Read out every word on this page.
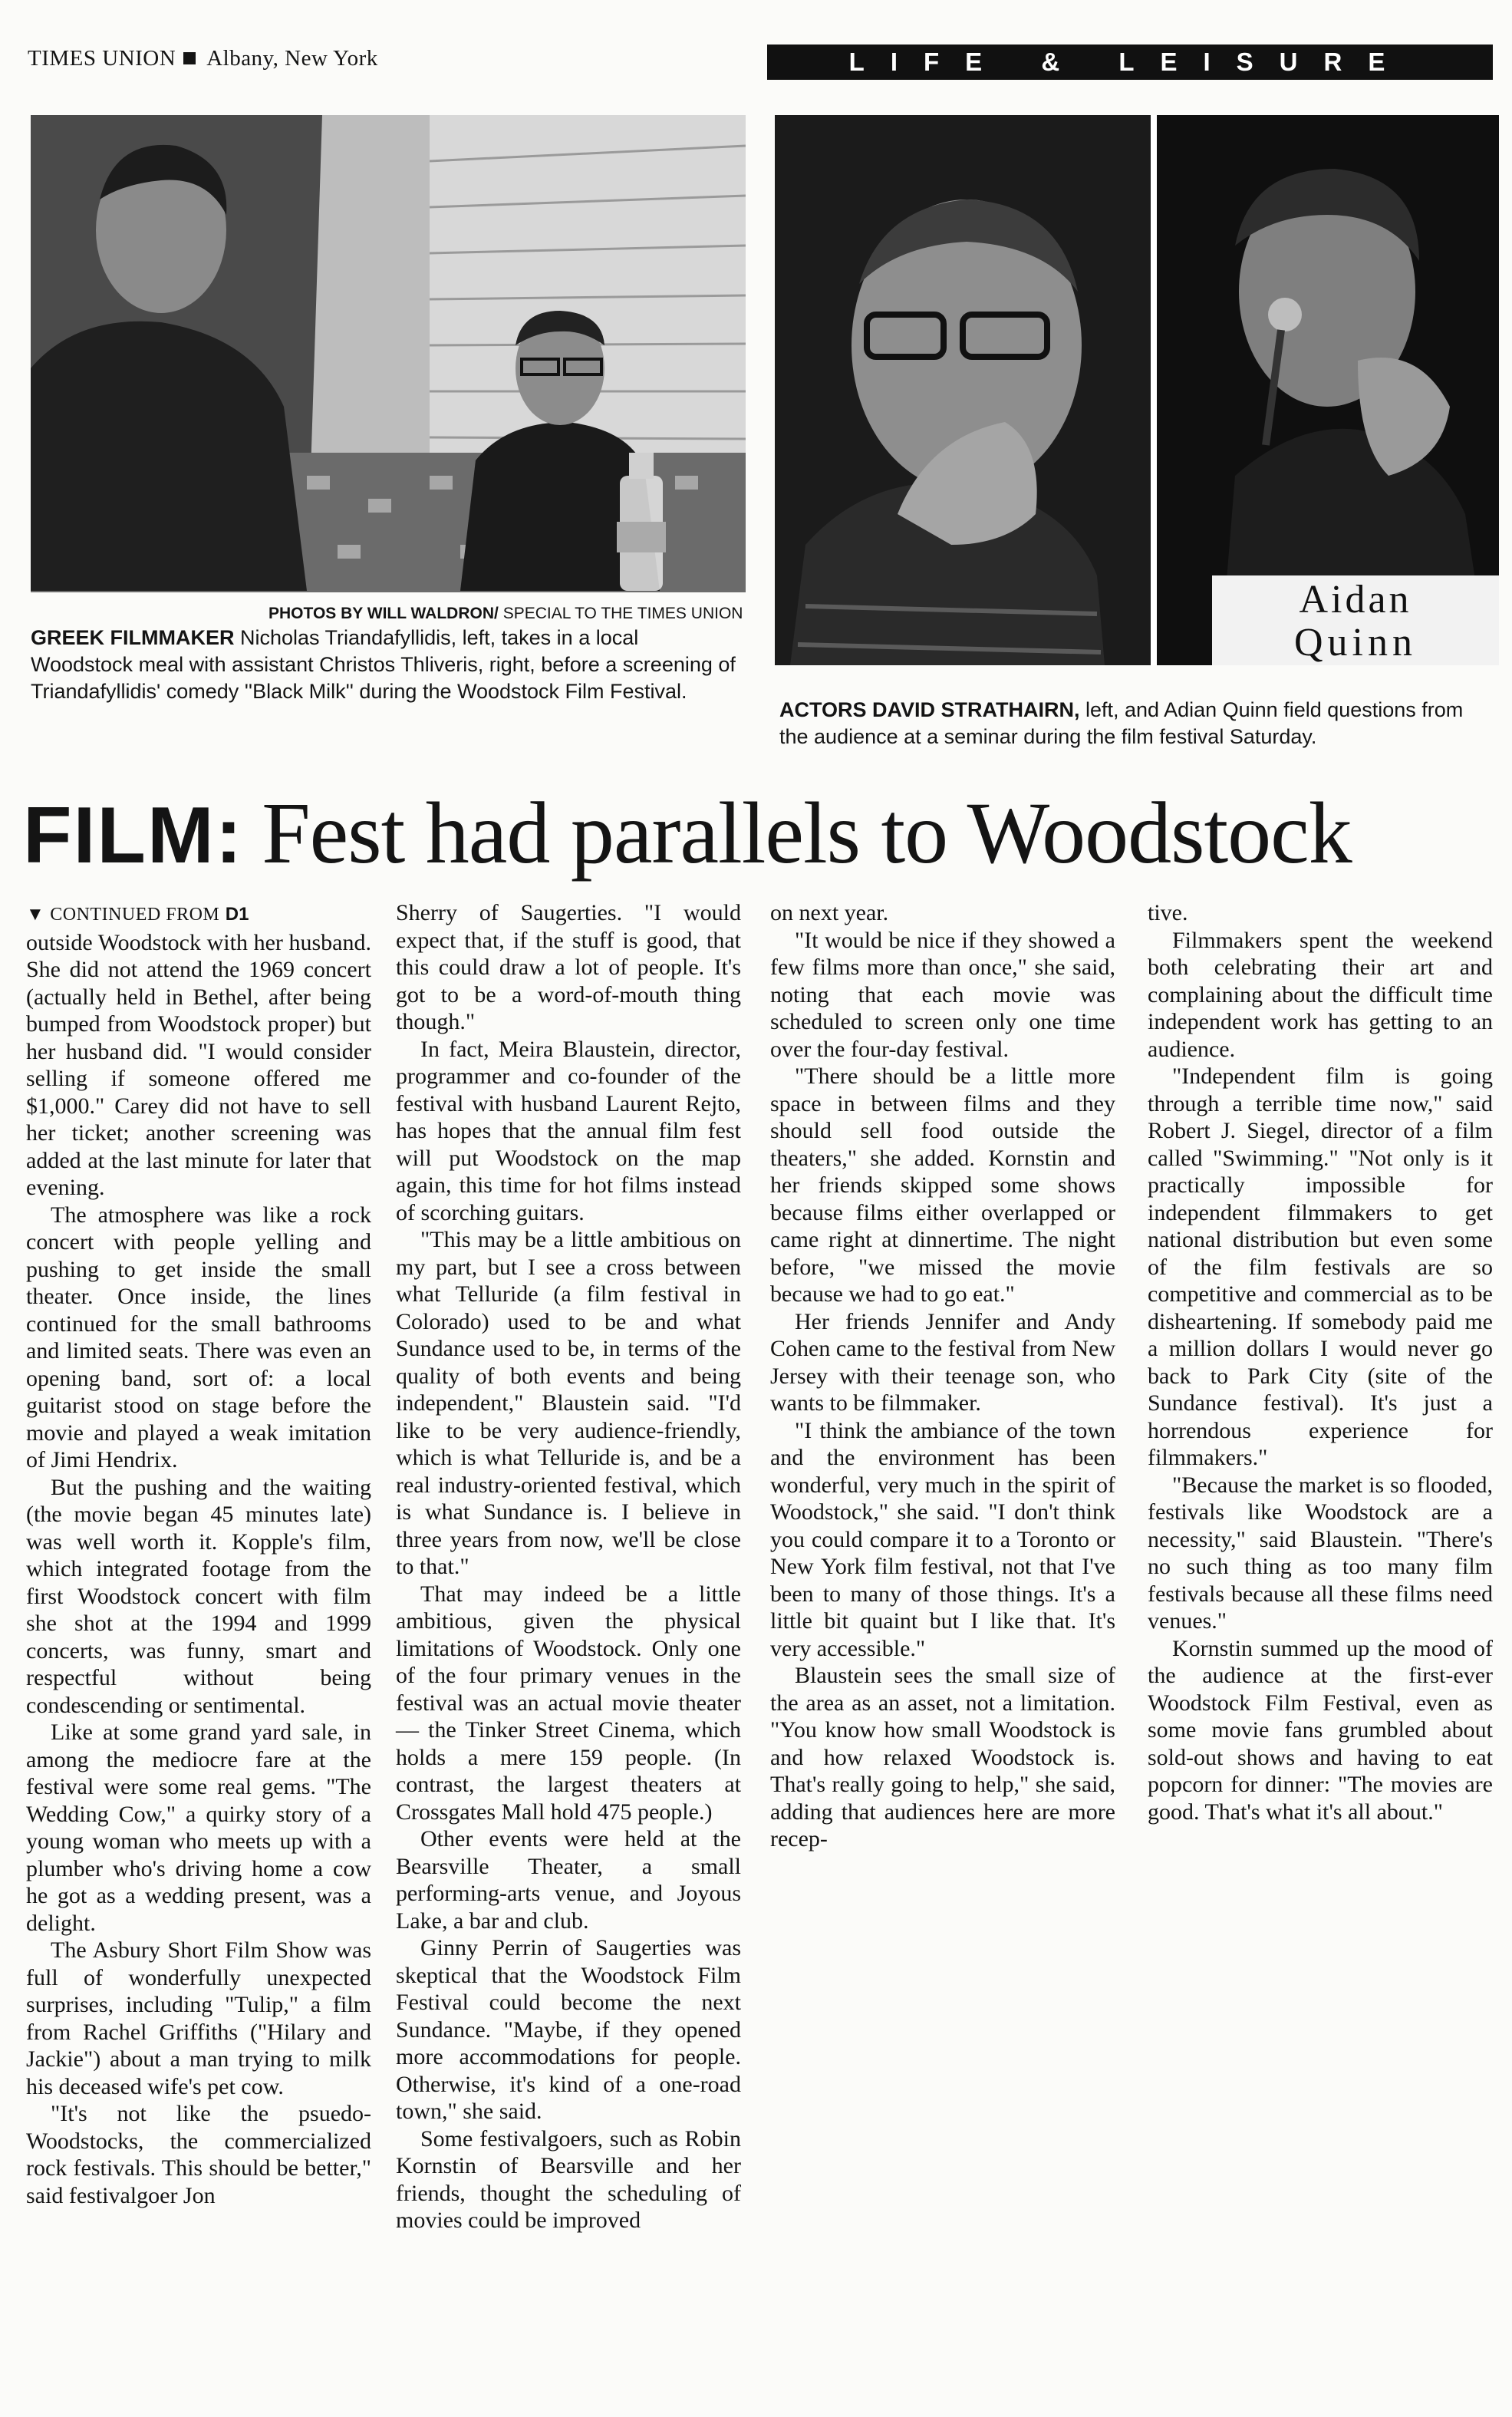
TIMES UNION Albany, New York	LIFE & LEISURE
Aidan
Quinn
PHOTOS BY WILL WALDRON/ SPECIAL TO THE TIMES UNION
GREEK FILMMAKER Nicholas Triandafyllidis, left, takes in a local Woodstock meal with assistant Christos Thliveris, right, before a screening of Triandafyllidis' comedy ''Black Milk'' during the Woodstock Film Festival.
ACTORS DAVID STRATHAIRN, left, and Adian Quinn field questions from the audience at a seminar during the film festival Saturday.
FILM: Fest had parallels to Woodstock

▼ CONTINUED FROM D1

outside Woodstock with her husband. She did not attend the 1969 concert (actually held in Bethel, after being bumped from Woodstock proper) but her husband did. "I would consider selling if someone offered me $1,000." Carey did not have to sell her ticket; another screening was added at the last minute for later that evening.

The atmosphere was like a rock concert with people yelling and pushing to get inside the small theater. Once inside, the lines continued for the small bathrooms and limited seats. There was even an opening band, sort of: a local guitarist stood on stage before the movie and played a weak imitation of Jimi Hendrix.

But the pushing and the waiting (the movie began 45 minutes late) was well worth it. Kopple's film, which integrated footage from the first Woodstock concert with film she shot at the 1994 and 1999 concerts, was funny, smart and respectful without being condescending or sentimental.

Like at some grand yard sale, in among the mediocre fare at the festival were some real gems. "The Wedding Cow," a quirky story of a young woman who meets up with a plumber who's driving home a cow he got as a wedding present, was a delight.

The Asbury Short Film Show was full of wonderfully unexpected surprises, including "Tulip," a film from Rachel Griffiths ("Hilary and Jackie") about a man trying to milk his deceased wife's pet cow.

"It's not like the psuedo-Woodstocks, the commercialized rock festivals. This should be better," said festivalgoer Jon

Sherry of Saugerties. "I would expect that, if the stuff is good, that this could draw a lot of people. It's got to be a word-of-mouth thing though."

In fact, Meira Blaustein, director, programmer and co-founder of the festival with husband Laurent Rejto, has hopes that the annual film fest will put Woodstock on the map again, this time for hot films instead of scorching guitars.

"This may be a little ambitious on my part, but I see a cross between what Telluride (a film festival in Colorado) used to be and what Sundance used to be, in terms of the quality of both events and being independent," Blaustein said. "I'd like to be very audience-friendly, which is what Telluride is, and be a real industry-oriented festival, which is what Sundance is. I believe in three years from now, we'll be close to that."

That may indeed be a little ambitious, given the physical limitations of Woodstock. Only one of the four primary venues in the festival was an actual movie theater — the Tinker Street Cinema, which holds a mere 159 people. (In contrast, the largest theaters at Crossgates Mall hold 475 people.)

Other events were held at the Bearsville Theater, a small performing-arts venue, and Joyous Lake, a bar and club.

Ginny Perrin of Saugerties was skeptical that the Woodstock Film Festival could become the next Sundance. "Maybe, if they opened more accommodations for people. Otherwise, it's kind of a one-road town," she said.

Some festivalgoers, such as Robin Kornstin of Bearsville and her friends, thought the scheduling of movies could be improved

on next year.

"It would be nice if they showed a few films more than once," she said, noting that each movie was scheduled to screen only one time over the four-day festival.

"There should be a little more space in between films and they should sell food outside the theaters," she added. Kornstin and her friends skipped some shows because films either overlapped or came right at dinnertime. The night before, "we missed the movie because we had to go eat."

Her friends Jennifer and Andy Cohen came to the festival from New Jersey with their teenage son, who wants to be filmmaker.

"I think the ambiance of the town and the environment has been wonderful, very much in the spirit of Woodstock," she said. "I don't think you could compare it to a Toronto or New York film festival, not that I've been to many of those things. It's a little bit quaint but I like that. It's very accessible."

Blaustein sees the small size of the area as an asset, not a limitation. "You know how small Woodstock is and how relaxed Woodstock is. That's really going to help," she said, adding that audiences here are more recep-

tive.

Filmmakers spent the weekend both celebrating their art and complaining about the difficult time independent work has getting to an audience.

"Independent film is going through a terrible time now," said Robert J. Siegel, director of a film called "Swimming." "Not only is it practically impossible for independent filmmakers to get national distribution but even some of the film festivals are so competitive and commercial as to be disheartening. If somebody paid me a million dollars I would never go back to Park City (site of the Sundance festival). It's just a horrendous experience for filmmakers."

"Because the market is so flooded, festivals like Woodstock are a necessity," said Blaustein. "There's no such thing as too many film festivals because all these films need venues."

Kornstin summed up the mood of the audience at the first-ever Woodstock Film Festival, even as some movie fans grumbled about sold-out shows and having to eat popcorn for dinner: "The movies are good. That's what it's all about."
